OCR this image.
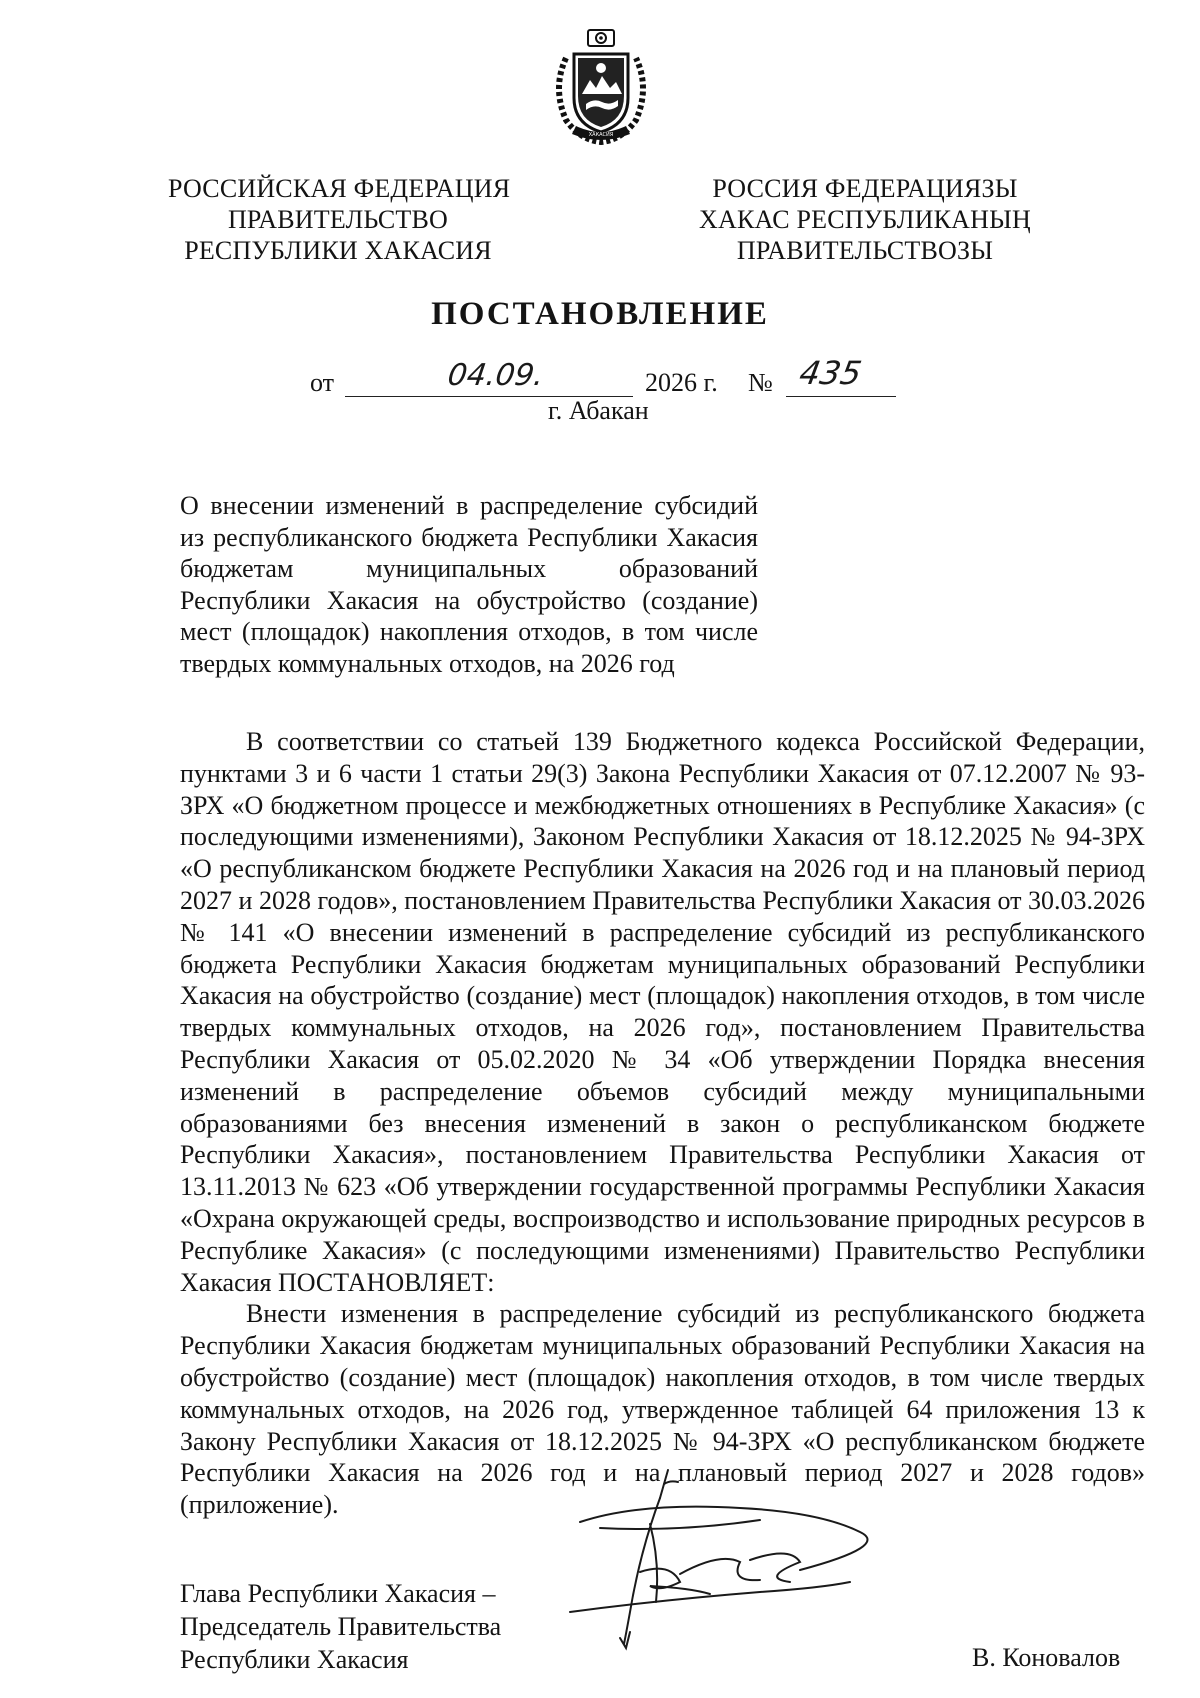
ХАКАСИЯ
РОССИЙСКАЯ ФЕДЕРАЦИЯ
ПРАВИТЕЛЬСТВО
РЕСПУБЛИКИ ХАКАСИЯ
РОССИЯ ФЕДЕРАЦИЯЗЫ
ХАКАС РЕСПУБЛИКАНЫҢ
ПРАВИТЕЛЬСТВОЗЫ
ПОСТАНОВЛЕНИЕ
от	04.09.	2026 г. № 435
г. Абакан
О внесении изменений в распределение субсидий из республиканского бюджета Республики Хакасия бюджетам муниципальных образований Республики Хакасия на обустройство (создание) мест (площадок) накопления отходов, в том числе твердых коммунальных отходов, на 2026 год

В соответствии со статьей 139 Бюджетного кодекса Российской Федерации, пунктами 3 и 6 части 1 статьи 29(3) Закона Республики Хакасия от 07.12.2007 № 93-ЗРХ «О бюджетном процессе и межбюджетных отношениях в Республике Хакасия» (с последующими изменениями), Законом Республики Хакасия от 18.12.2025 № 94-ЗРХ «О республиканском бюджете Республики Хакасия на 2026 год и на плановый период 2027 и 2028 годов», постановлением Правительства Республики Хакасия от 30.03.2026 № 141 «О внесении изменений в распределение субсидий из республиканского бюджета Республики Хакасия бюджетам муниципальных образований Республики Хакасия на обустройство (создание) мест (площадок) накопления отходов, в том числе твердых коммунальных отходов, на 2026 год», постановлением Правительства Республики Хакасия от 05.02.2020 № 34 «Об утверждении Порядка внесения изменений в распределение объемов субсидий между муниципальными образованиями без внесения изменений в закон о республиканском бюджете Республики Хакасия», постановлением Правительства Республики Хакасия от 13.11.2013 № 623 «Об утверждении государственной программы Республики Хакасия «Охрана окружающей среды, воспроизводство и использование природных ресурсов в Республике Хакасия» (с последующими изменениями) Правительство Республики Хакасия ПОСТАНОВЛЯЕТ:

Внести изменения в распределение субсидий из республиканского бюджета Республики Хакасия бюджетам муниципальных образований Республики Хакасия на обустройство (создание) мест (площадок) накопления отходов, в том числе твердых коммунальных отходов, на 2026 год, утвержденное таблицей 64 приложения 13 к Закону Республики Хакасия от 18.12.2025 № 94-ЗРХ «О республиканском бюджете Республики Хакасия на 2026 год и на плановый период 2027 и 2028 годов» (приложение).

Глава Республики Хакасия –
Председатель Правительства
Республики Хакасия	В. Коновалов
